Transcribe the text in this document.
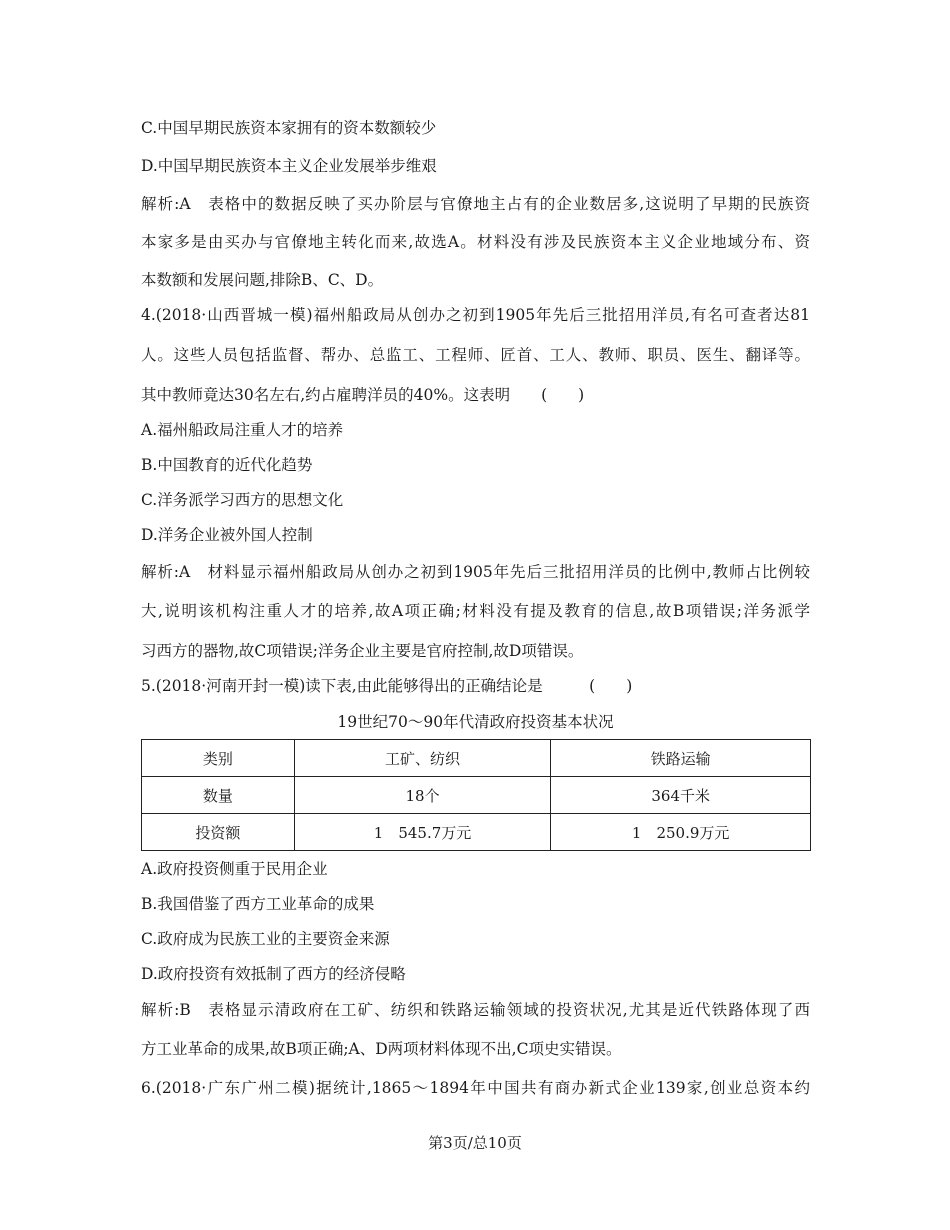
C.中国早期民族资本家拥有的资本数额较少
D.中国早期民族资本主义企业发展举步维艰
解析:A　表格中的数据反映了买办阶层与官僚地主占有的企业数居多,这说明了早期的民族资
本家多是由买办与官僚地主转化而来,故选A。材料没有涉及民族资本主义企业地域分布、资
本数额和发展问题,排除B、C、D。
4.(2018·山西晋城一模)福州船政局从创办之初到1905年先后三批招用洋员,有名可查者达81
人。这些人员包括监督、帮办、总监工、工程师、匠首、工人、教师、职员、医生、翻译等。
其中教师竟达30名左右,约占雇聘洋员的40%。这表明　　(　　)
A.福州船政局注重人才的培养
B.中国教育的近代化趋势
C.洋务派学习西方的思想文化
D.洋务企业被外国人控制
解析:A　材料显示福州船政局从创办之初到1905年先后三批招用洋员的比例中,教师占比例较
大,说明该机构注重人才的培养,故A项正确;材料没有提及教育的信息,故B项错误;洋务派学
习西方的器物,故C项错误;洋务企业主要是官府控制,故D项错误。
5.(2018·河南开封一模)读下表,由此能够得出的正确结论是　　　(　　)
19世纪70～90年代清政府投资基本状况
类别	工矿、纺织	铁路运输
数量	18个	364千米
投资额	1　545.7万元	1　250.9万元
A.政府投资侧重于民用企业
B.我国借鉴了西方工业革命的成果
C.政府成为民族工业的主要资金来源
D.政府投资有效抵制了西方的经济侵略
解析:B　表格显示清政府在工矿、纺织和铁路运输领域的投资状况,尤其是近代铁路体现了西
方工业革命的成果,故B项正确;A、D两项材料体现不出,C项史实错误。
6.(2018·广东广州二模)据统计,1865～1894年中国共有商办新式企业139家,创业总资本约
第3页/总10页
